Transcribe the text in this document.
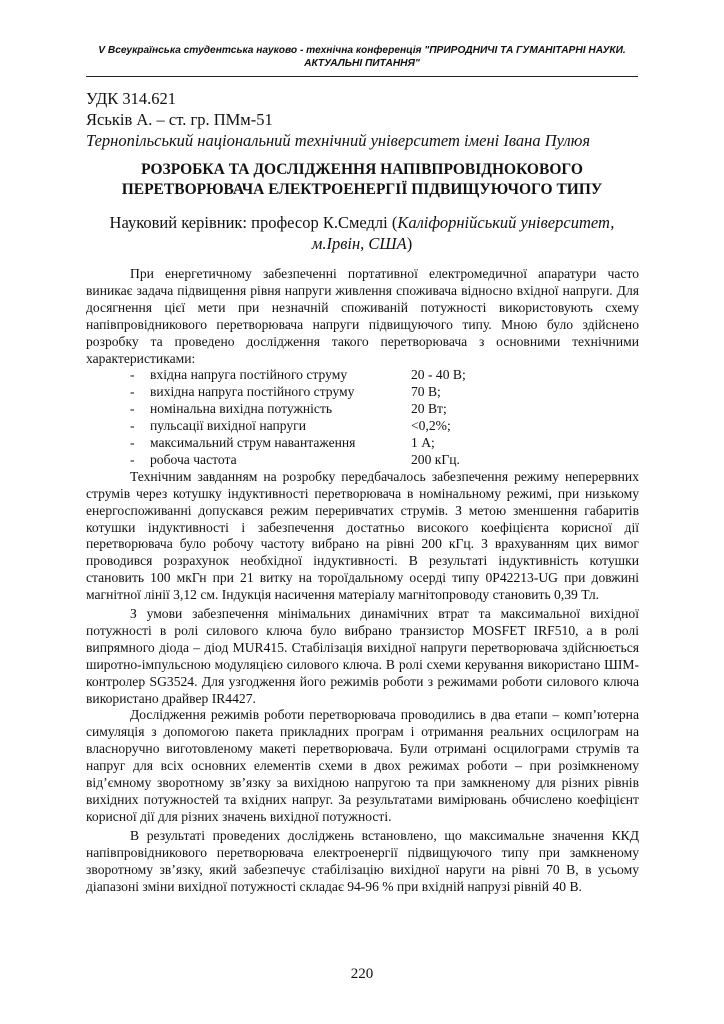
V Всеукраїнська студентська науково - технічна конференція "ПРИРОДНИЧІ ТА ГУМАНІТАРНІ НАУКИ.
АКТУАЛЬНІ ПИТАННЯ"
УДК 314.621
Яськів А. – ст. гр. ПМм-51
Тернопільський національний технічний університет імені Івана Пулюя
РОЗРОБКА ТА ДОСЛІДЖЕННЯ НАПІВПРОВІДНОКОВОГО
ПЕРЕТВОРЮВАЧА ЕЛЕКТРОЕНЕРГІЇ ПІДВИЩУЮЧОГО ТИПУ
Науковий керівник: професор К.Смедлі (Каліфорнійський університет,
м.Ірвін, США)

При енергетичному забезпеченні портативної електромедичної апаратури часто виникає задача підвищення рівня напруги живлення споживача відносно вхідної напруги. Для досягнення цієї мети при незначній споживаній потужності використовують схему напівпровідникового перетворювача напруги підвищуючого типу. Мною було здійснено розробку та проведено дослідження такого перетворювача з основними технічними характеристиками:

-	вхідна напруга постійного струму	20 - 40 В;
-	вихідна напруга постійного струму	70 В;
-	номінальна вихідна потужність	20 Вт;
-	пульсації вихідної напруги	<0,2%;
-	максимальний струм навантаження	1 А;
-	робоча частота	200 кГц.

Технічним завданням на розробку передбачалось забезпечення режиму неперервних струмів через котушку індуктивності перетворювача в номінальному режимі, при низькому енергоспоживанні допускався режим переривчатих струмів. З метою зменшення габаритів котушки індуктивності і забезпечення достатньо високого коефіцієнта корисної дії перетворювача було робочу частоту вибрано на рівні 200 кГц. З врахуванням цих вимог проводився розрахунок необхідної індуктивності. В результаті індуктивність котушки становить 100 мкГн при 21 витку на тороїдальному осерді типу 0P42213-UG при довжині магнітної лінії 3,12 см. Індукція насичення матеріалу магнітопроводу становить 0,39 Тл.

З умови забезпечення мінімальних динамічних втрат та максимальної вихідної потужності в ролі силового ключа було вибрано транзистор MOSFET IRF510, а в ролі випрямного діода – діод MUR415. Стабілізація вихідної напруги перетворювача здійснюється широтно-імпульсною модуляцією силового ключа. В ролі схеми керування використано ШІМ-контролер SG3524. Для узгодження його режимів роботи з режимами роботи силового ключа використано драйвер IR4427.

Дослідження режимів роботи перетворювача проводились в два етапи – комп’ютерна симуляція з допомогою пакета прикладних програм і отримання реальних осцилограм на власноручно виготовленому макеті перетворювача. Були отримані осцилограми струмів та напруг для всіх основних елементів схеми в двох режимах роботи – при розімкненому від’ємному зворотному зв’язку за вихідною напругою та при замкненому для різних рівнів вихідних потужностей та вхідних напруг. За результатами вимірювань обчислено коефіцієнт корисної дії для різних значень вихідної потужності.

В результаті проведених досліджень встановлено, що максимальне значення ККД напівпровідникового перетворювача електроенергії підвищуючого типу при замкненому зворотному зв’язку, який забезпечує стабілізацію вихідної наруги на рівні 70 В, в усьому діапазоні зміни вихідної потужності складає 94-96 % при вхідній напрузі рівній 40 В.

220
